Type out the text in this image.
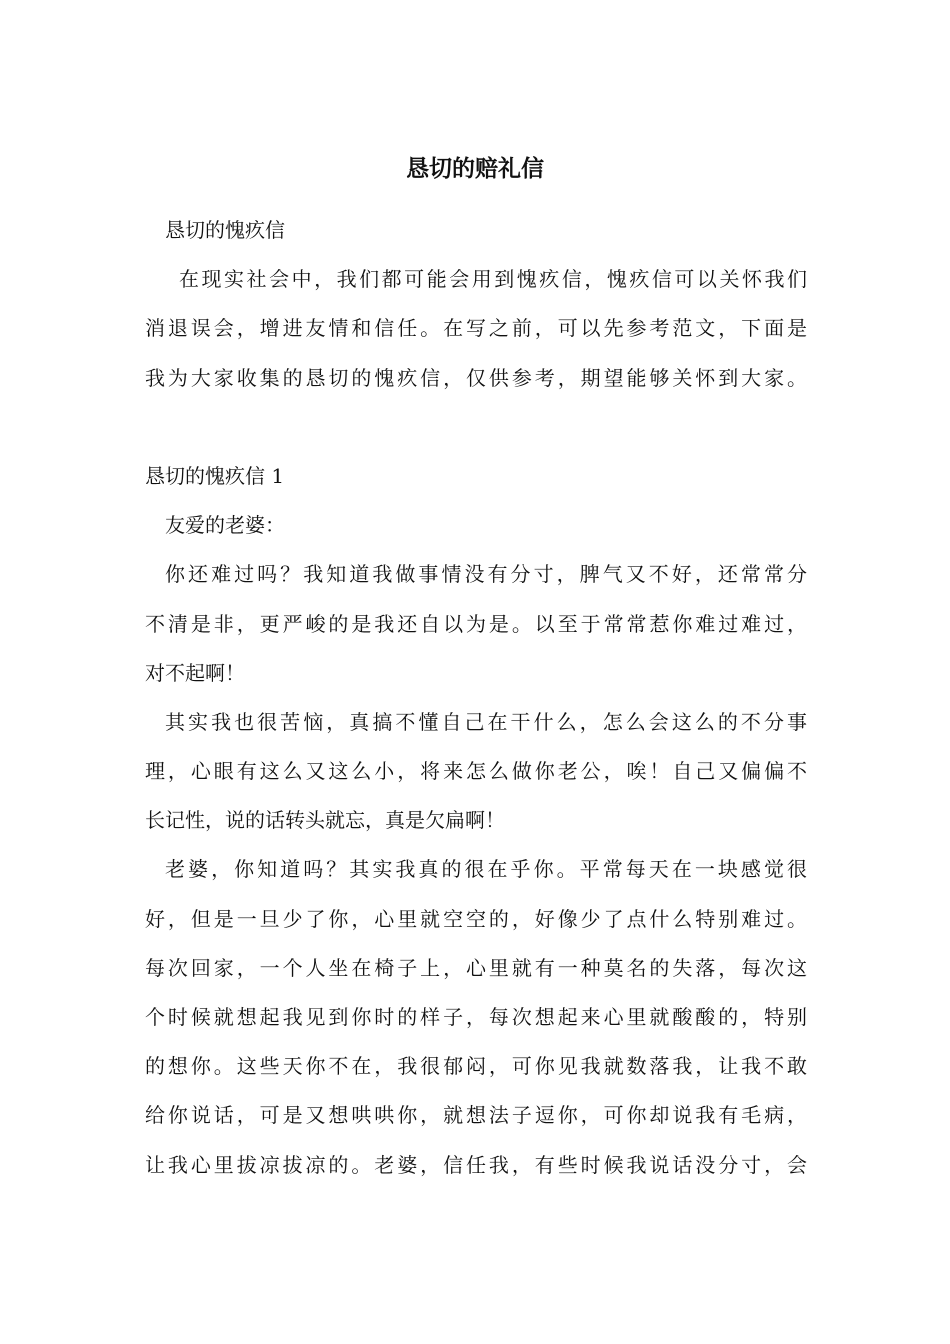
恳切的赔礼信
恳切的愧疚信
在现实社会中，我们都可能会用到愧疚信，愧疚信可以关怀我们
消退误会，增进友情和信任。在写之前，可以先参考范文，下面是
我为大家收集的恳切的愧疚信，仅供参考，期望能够关怀到大家。
恳切的愧疚信 1
友爱的老婆：
你还难过吗？我知道我做事情没有分寸，脾气又不好，还常常分
不清是非，更严峻的是我还自以为是。以至于常常惹你难过难过，
对不起啊！
其实我也很苦恼，真搞不懂自己在干什么，怎么会这么的不分事
理，心眼有这么又这么小，将来怎么做你老公，唉！自己又偏偏不
长记性，说的话转头就忘，真是欠扁啊！
老婆，你知道吗？其实我真的很在乎你。平常每天在一块感觉很
好，但是一旦少了你，心里就空空的，好像少了点什么特别难过。
每次回家，一个人坐在椅子上，心里就有一种莫名的失落，每次这
个时候就想起我见到你时的样子，每次想起来心里就酸酸的，特别
的想你。这些天你不在，我很郁闷，可你见我就数落我，让我不敢
给你说话，可是又想哄哄你，就想法子逗你，可你却说我有毛病，
让我心里拔凉拔凉的。老婆，信任我，有些时候我说话没分寸，会
